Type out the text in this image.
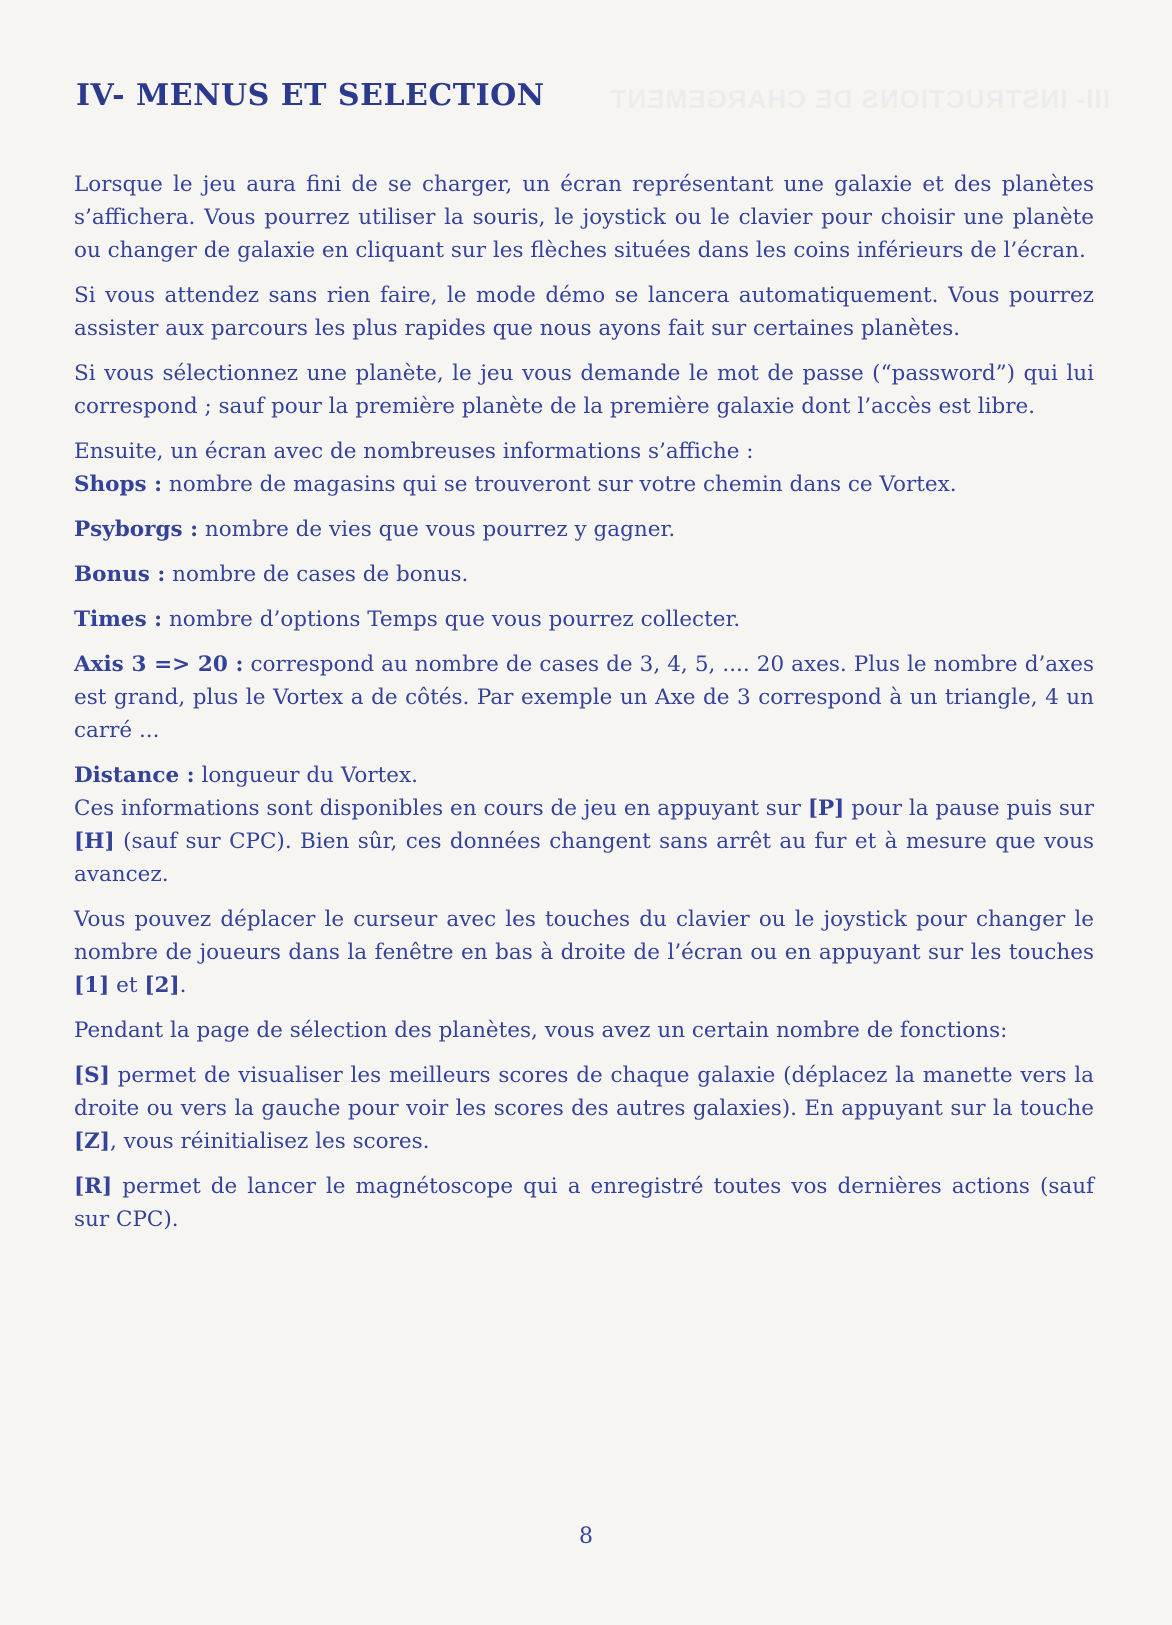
III- INSTRUCTIONS DE CHARGEMENT
IV- MENUS ET SELECTION

Lorsque le jeu aura fini de se charger, un écran représentant une galaxie et des planètes s’affichera. Vous pourrez utiliser la souris, le joystick ou le clavier pour choisir une planète ou changer de galaxie en cliquant sur les flèches situées dans les coins inférieurs de l’écran.

Si vous attendez sans rien faire, le mode démo se lancera automatiquement. Vous pourrez assister aux parcours les plus rapides que nous ayons fait sur certaines planètes.

Si vous sélectionnez une planète, le jeu vous demande le mot de passe (“password”) qui lui correspond ; sauf pour la première planète de la première galaxie dont l’accès est libre.

Ensuite, un écran avec de nombreuses informations s’affiche :

Shops : nombre de magasins qui se trouveront sur votre chemin dans ce Vortex.

Psyborgs : nombre de vies que vous pourrez y gagner.

Bonus : nombre de cases de bonus.

Times : nombre d’options Temps que vous pourrez collecter.

Axis 3 => 20 : correspond au nombre de cases de 3, 4, 5, .... 20 axes. Plus le nombre d’axes est grand, plus le Vortex a de côtés. Par exemple un Axe de 3 correspond à un triangle, 4 un carré ...

Distance : longueur du Vortex.

Ces informations sont disponibles en cours de jeu en appuyant sur [P] pour la pause puis sur [H] (sauf sur CPC). Bien sûr, ces données changent sans arrêt au fur et à mesure que vous avancez.

Vous pouvez déplacer le curseur avec les touches du clavier ou le joystick pour changer le nombre de joueurs dans la fenêtre en bas à droite de l’écran ou en appuyant sur les touches [1] et [2].

Pendant la page de sélection des planètes, vous avez un certain nombre de fonctions:

[S] permet de visualiser les meilleurs scores de chaque galaxie (déplacez la manette vers la droite ou vers la gauche pour voir les scores des autres galaxies). En appuyant sur la touche [Z], vous réinitialisez les scores.

[R] permet de lancer le magnétoscope qui a enregistré toutes vos dernières actions (sauf sur CPC).

8
